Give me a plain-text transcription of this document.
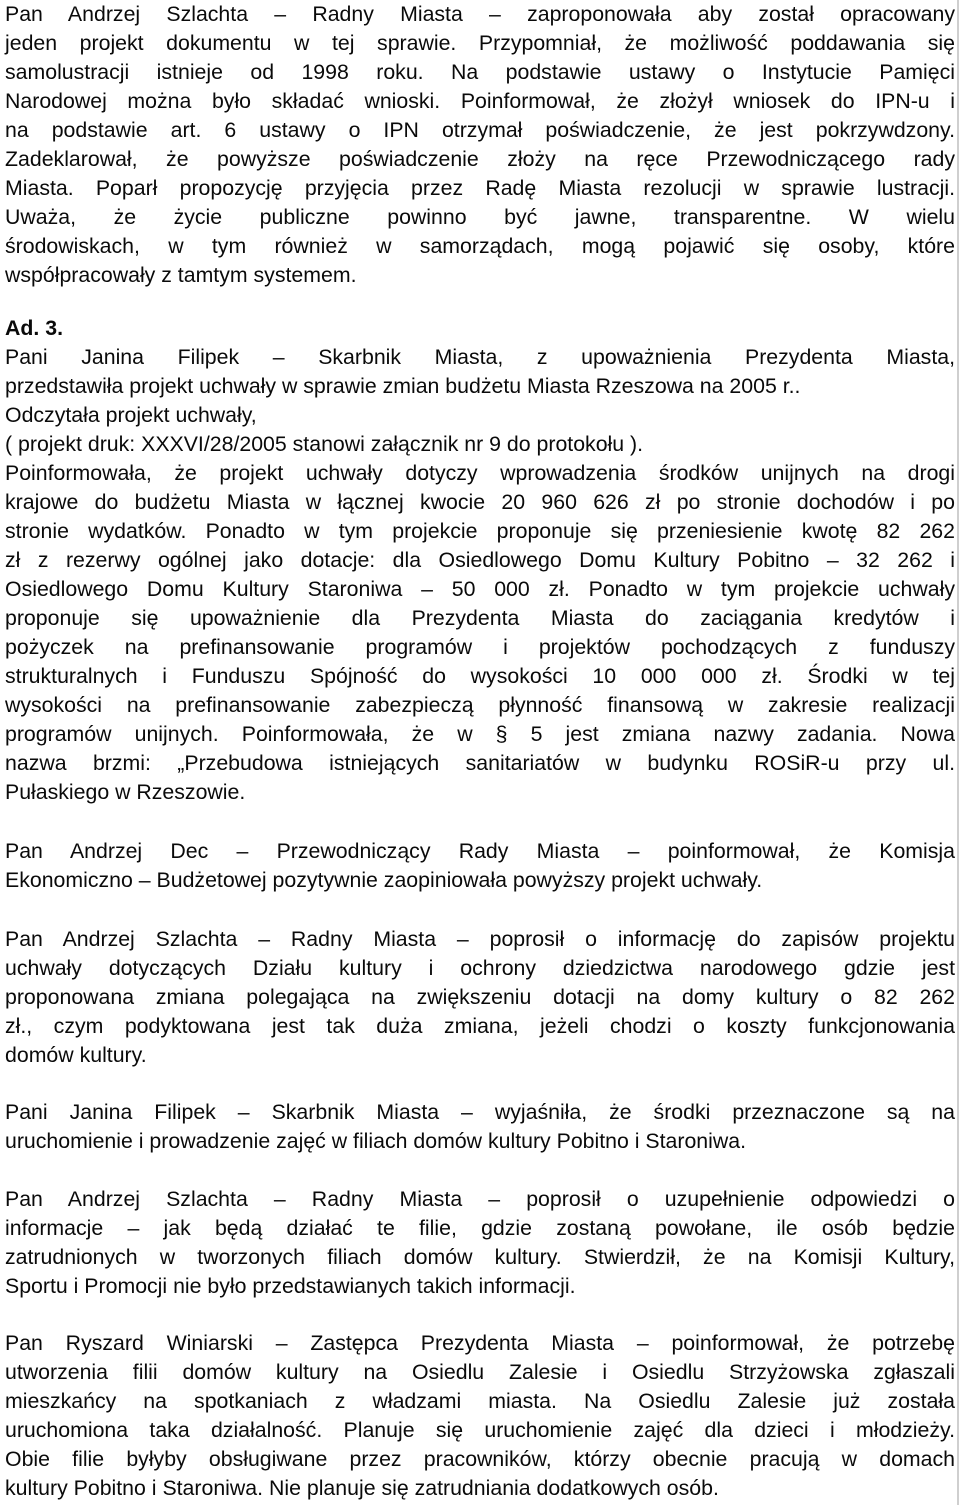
Pan Andrzej Szlachta – Radny Miasta – zaproponowała aby został opracowany
jeden projekt dokumentu w tej sprawie. Przypomniał, że możliwość poddawania się
samolustracji istnieje od 1998 roku. Na podstawie ustawy o Instytucie Pamięci
Narodowej można było składać wnioski. Poinformował, że złożył wniosek do IPN-u i
na podstawie art. 6 ustawy o IPN otrzymał poświadczenie, że jest pokrzywdzony.
Zadeklarował, że powyższe poświadczenie złoży na ręce Przewodniczącego rady
Miasta. Poparł propozycję przyjęcia przez Radę Miasta rezolucji w sprawie lustracji.
Uważa, że życie publiczne powinno być jawne, transparentne. W wielu
środowiskach, w tym również w samorządach, mogą pojawić się osoby, które
współpracowały z tamtym systemem.
Ad. 3.
Pani Janina Filipek – Skarbnik Miasta, z upoważnienia Prezydenta Miasta,
przedstawiła projekt uchwały w sprawie zmian budżetu Miasta Rzeszowa na 2005 r..
Odczytała projekt uchwały,
( projekt druk: XXXVI/28/2005 stanowi załącznik nr 9 do protokołu ).
Poinformowała, że projekt uchwały dotyczy wprowadzenia środków unijnych na drogi
krajowe do budżetu Miasta w łącznej kwocie 20 960 626 zł po stronie dochodów i po
stronie wydatków. Ponadto w tym projekcie proponuje się przeniesienie kwotę 82 262
zł z rezerwy ogólnej jako dotacje: dla Osiedlowego Domu Kultury Pobitno – 32 262 i
Osiedlowego Domu Kultury Staroniwa – 50 000 zł. Ponadto w tym projekcie uchwały
proponuje się upoważnienie dla Prezydenta Miasta do zaciągania kredytów i
pożyczek na prefinansowanie programów i projektów pochodzących z funduszy
strukturalnych i Funduszu Spójność do wysokości 10 000 000 zł. Środki w tej
wysokości na prefinansowanie zabezpieczą płynność finansową w zakresie realizacji
programów unijnych. Poinformowała, że w § 5 jest zmiana nazwy zadania. Nowa
nazwa brzmi: „Przebudowa istniejących sanitariatów w budynku ROSiR-u przy ul.
Pułaskiego w Rzeszowie.
Pan Andrzej Dec – Przewodniczący Rady Miasta – poinformował, że Komisja
Ekonomiczno – Budżetowej pozytywnie zaopiniowała powyższy projekt uchwały.
Pan Andrzej Szlachta – Radny Miasta – poprosił o informację do zapisów projektu
uchwały dotyczących Działu kultury i ochrony dziedzictwa narodowego gdzie jest
proponowana zmiana polegająca na zwiększeniu dotacji na domy kultury o 82 262
zł., czym podyktowana jest tak duża zmiana, jeżeli chodzi o koszty funkcjonowania
domów kultury.
Pani Janina Filipek – Skarbnik Miasta – wyjaśniła, że środki przeznaczone są na
uruchomienie i prowadzenie zajęć w filiach domów kultury Pobitno i Staroniwa.
Pan Andrzej Szlachta – Radny Miasta – poprosił o uzupełnienie odpowiedzi o
informacje – jak będą działać te filie, gdzie zostaną powołane, ile osób będzie
zatrudnionych w tworzonych filiach domów kultury. Stwierdził, że na Komisji Kultury,
Sportu i Promocji nie było przedstawianych takich informacji.
Pan Ryszard Winiarski – Zastępca Prezydenta Miasta – poinformował, że potrzebę
utworzenia filii domów kultury na Osiedlu Zalesie i Osiedlu Strzyżowska zgłaszali
mieszkańcy na spotkaniach z władzami miasta. Na Osiedlu Zalesie już została
uruchomiona taka działalność. Planuje się uruchomienie zajęć dla dzieci i młodzieży.
Obie filie byłyby obsługiwane przez pracowników, którzy obecnie pracują w domach
kultury Pobitno i Staroniwa. Nie planuje się zatrudniania dodatkowych osób.
